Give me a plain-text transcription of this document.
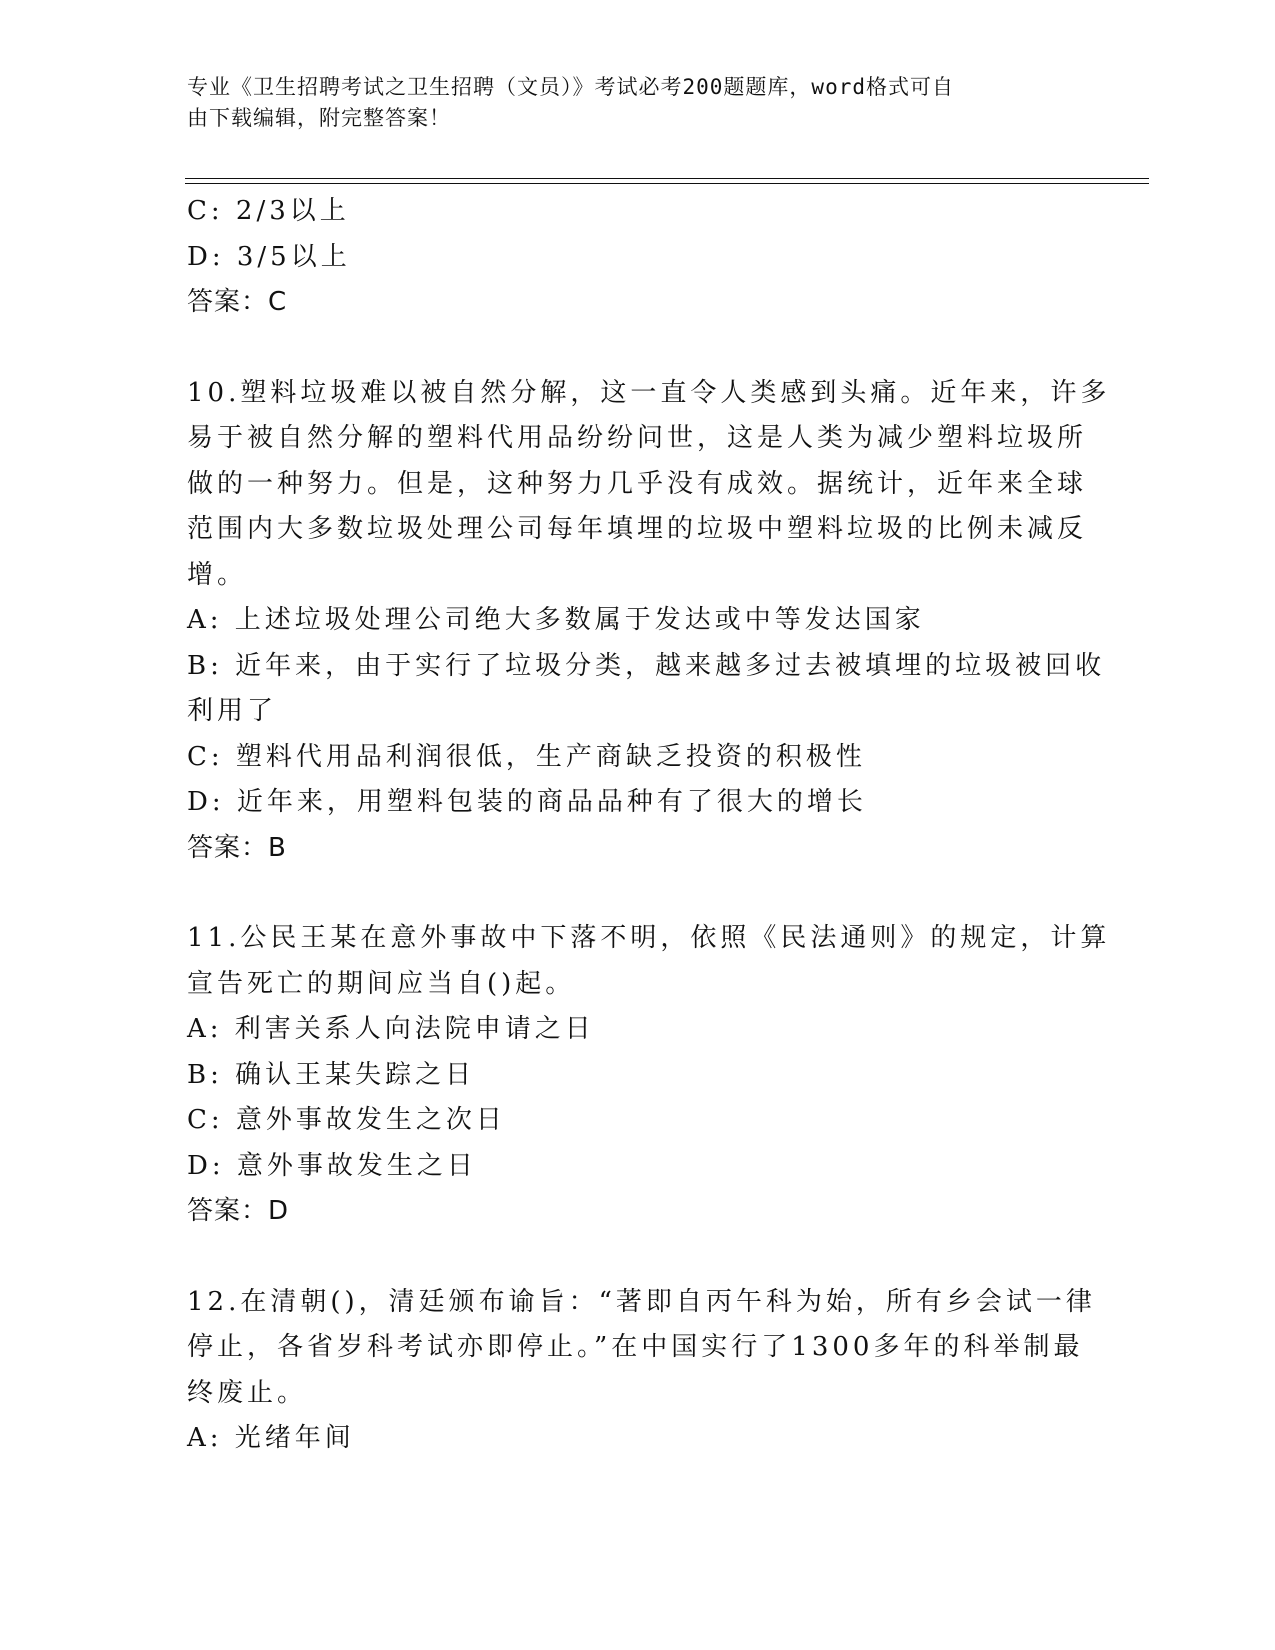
专业《卫生招聘考试之卫生招聘（文员）》考试必考200题题库，word格式可自
由下载编辑，附完整答案！
C: 2/3以上
D: 3/5以上
答案：C
10.塑料垃圾难以被自然分解，这一直令人类感到头痛。近年来，许多
易于被自然分解的塑料代用品纷纷问世，这是人类为减少塑料垃圾所
做的一种努力。但是，这种努力几乎没有成效。据统计，近年来全球
范围内大多数垃圾处理公司每年填埋的垃圾中塑料垃圾的比例未减反
增。
A: 上述垃圾处理公司绝大多数属于发达或中等发达国家
B: 近年来，由于实行了垃圾分类，越来越多过去被填埋的垃圾被回收
利用了
C: 塑料代用品利润很低，生产商缺乏投资的积极性
D: 近年来，用塑料包装的商品品种有了很大的增长
答案：B
11.公民王某在意外事故中下落不明，依照《民法通则》的规定，计算
宣告死亡的期间应当自()起。
A: 利害关系人向法院申请之日
B: 确认王某失踪之日
C: 意外事故发生之次日
D: 意外事故发生之日
答案：D
12.在清朝()，清廷颁布谕旨：“著即自丙午科为始，所有乡会试一律
停止，各省岁科考试亦即停止。”在中国实行了1300多年的科举制最
终废止。
A: 光绪年间
